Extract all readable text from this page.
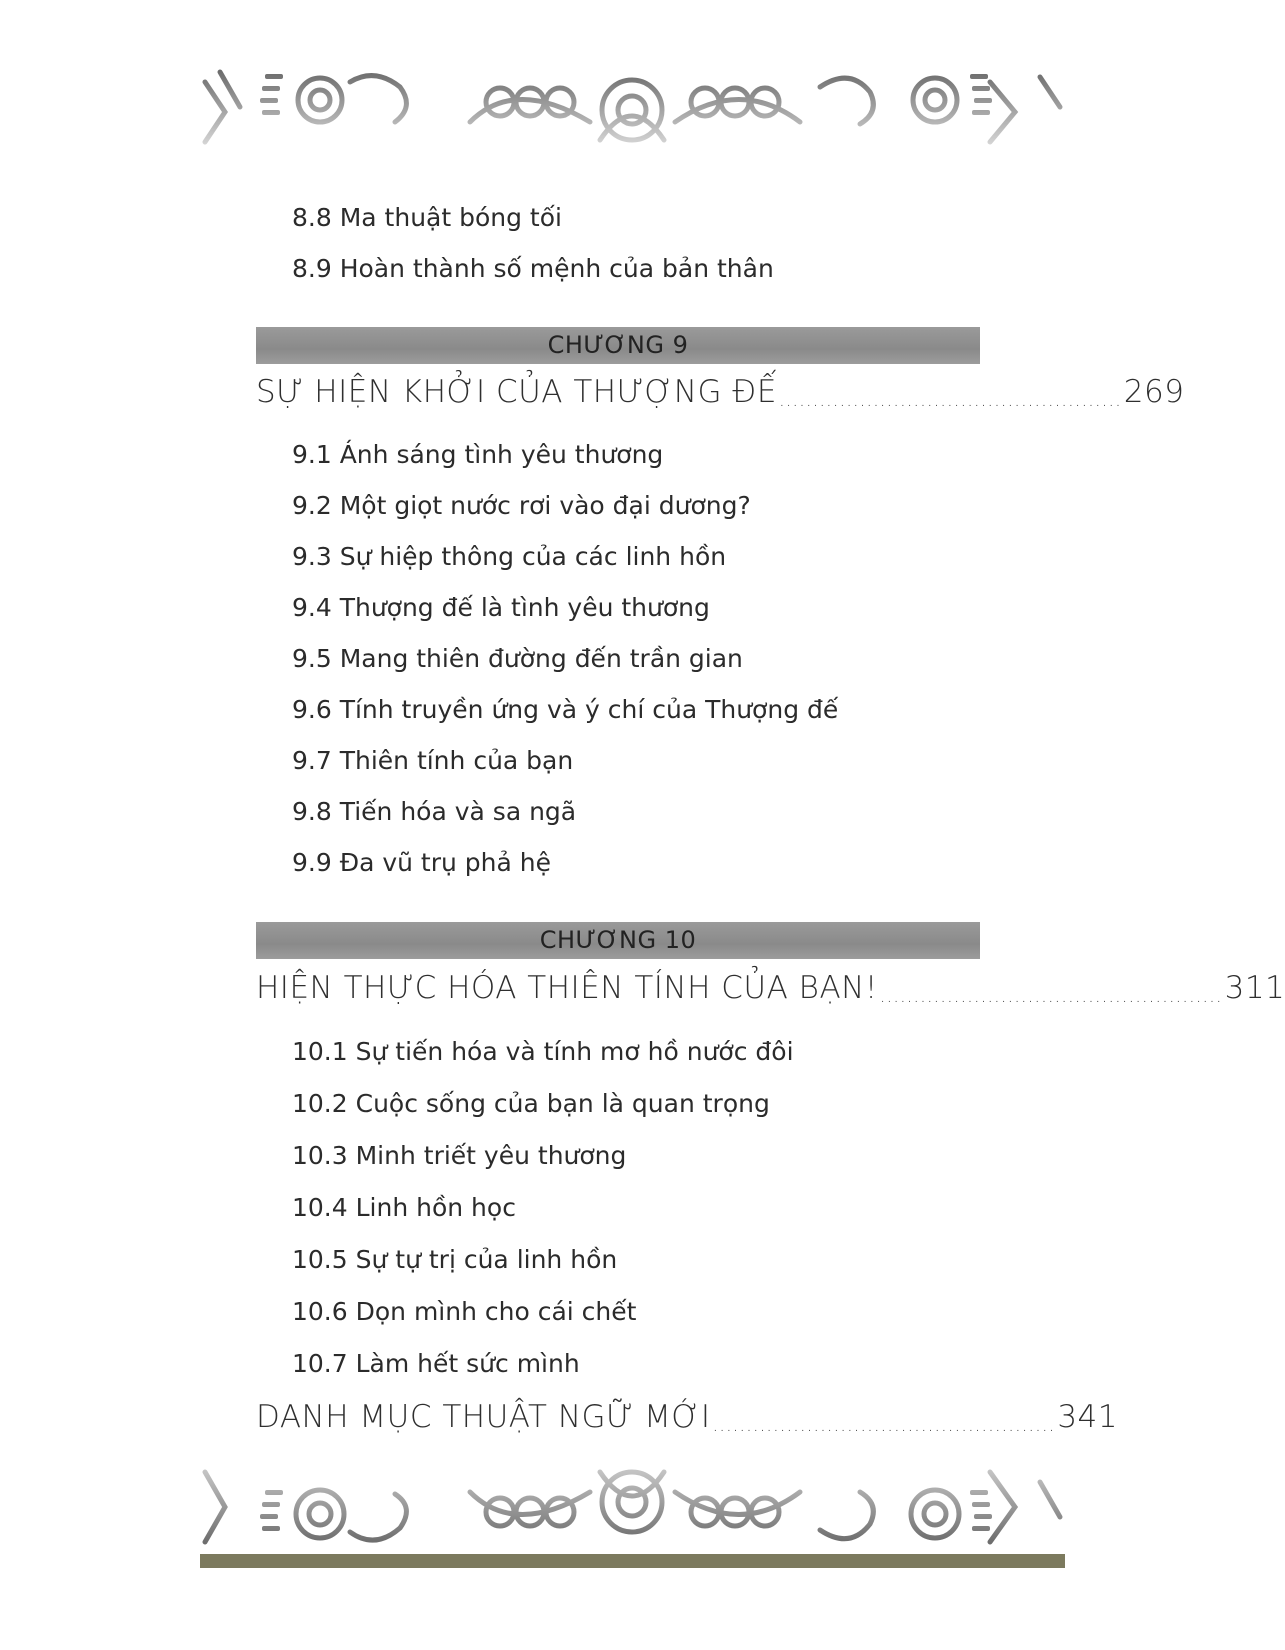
8.8 Ma thuật bóng tối
8.9 Hoàn thành số mệnh của bản thân
CHƯƠNG 9
SỰ HIỆN KHỞI CỦA THƯỢNG ĐẾ ................................................... 269
9.1 Ánh sáng tình yêu thương
9.2 Một giọt nước rơi vào đại dương?
9.3 Sự hiệp thông của các linh hồn
9.4 Thượng đế là tình yêu thương
9.5 Mang thiên đường đến trần gian
9.6 Tính truyền ứng và ý chí của Thượng đế
9.7 Thiên tính của bạn
9.8 Tiến hóa và sa ngã
9.9 Đa vũ trụ phả hệ
CHƯƠNG 10
HIỆN THỰC HÓA THIÊN TÍNH CỦA BẠN! ................................................... 311
10.1 Sự tiến hóa và tính mơ hồ nước đôi
10.2 Cuộc sống của bạn là quan trọng
10.3 Minh triết yêu thương
10.4 Linh hồn học
10.5 Sự tự trị của linh hồn
10.6 Dọn mình cho cái chết
10.7 Làm hết sức mình
DANH MỤC THUẬT NGỮ MỚI ................................................... 341
